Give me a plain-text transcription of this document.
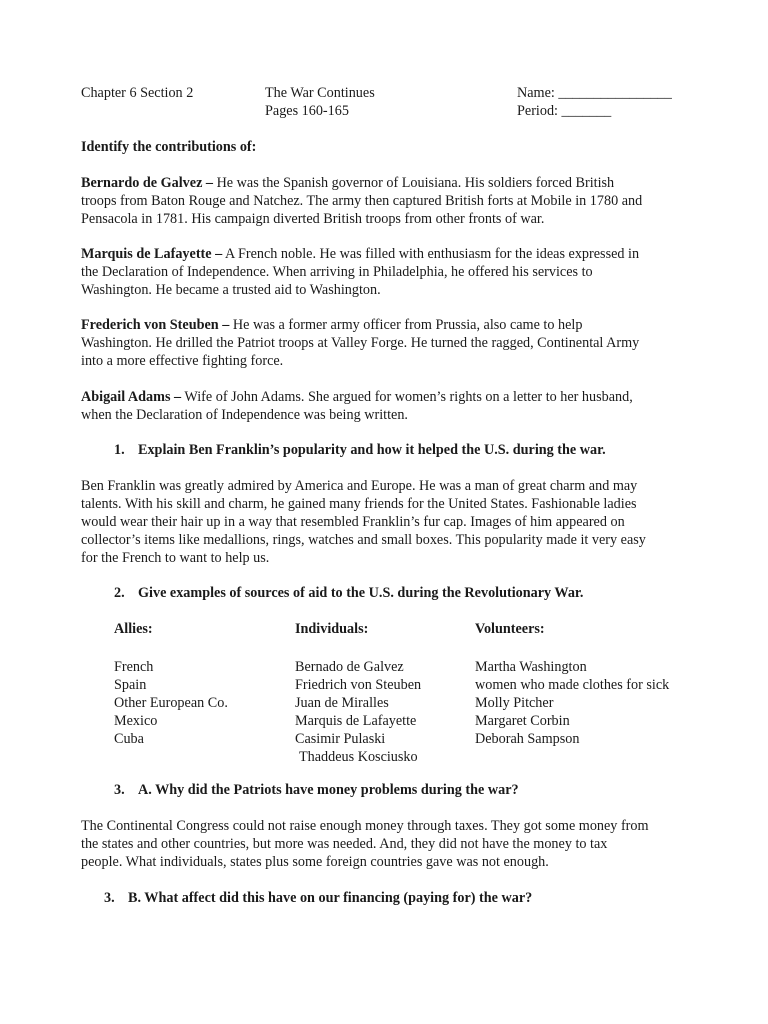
Chapter 6 Section 2	The War Continues
Pages 160-165
Name: ________________
Period: _______
Identify the contributions of:

Bernardo de Galvez – He was the Spanish governor of Louisiana. His soldiers forced British

troops from Baton Rouge and Natchez. The army then captured British forts at Mobile in 1780 and

Pensacola in 1781. His campaign diverted British troops from other fronts of war.

Marquis de Lafayette – A French noble. He was filled with enthusiasm for the ideas expressed in

the Declaration of Independence. When arriving in Philadelphia, he offered his services to

Washington. He became a trusted aid to Washington.

Frederich von Steuben – He was a former army officer from Prussia, also came to help

Washington. He drilled the Patriot troops at Valley Forge. He turned the ragged, Continental Army

into a more effective fighting force.

Abigail Adams – Wife of John Adams. She argued for women’s rights on a letter to her husband,

when the Declaration of Independence was being written.

1. Explain Ben Franklin’s popularity and how it helped the U.S. during the war.

Ben Franklin was greatly admired by America and Europe. He was a man of great charm and may

talents. With his skill and charm, he gained many friends for the United States. Fashionable ladies

would wear their hair up in a way that resembled Franklin’s fur cap. Images of him appeared on

collector’s items like medallions, rings, watches and small boxes. This popularity made it very easy

for the French to want to help us.

2. Give examples of sources of aid to the U.S. during the Revolutionary War.
Allies:
French
Spain
Other European Co.
Mexico
Cuba
Individuals:
Bernado de Galvez
Friedrich von Steuben
Juan de Miralles
Marquis de Lafayette
Casimir Pulaski
Thaddeus Kosciusko
Volunteers:
Martha Washington
women who made clothes for sick
Molly Pitcher
Margaret Corbin
Deborah Sampson
3. A. Why did the Patriots have money problems during the war?

The Continental Congress could not raise enough money through taxes. They got some money from

the states and other countries, but more was needed. And, they did not have the money to tax

people. What individuals, states plus some foreign countries gave was not enough.

3. B. What affect did this have on our financing (paying for) the war?
